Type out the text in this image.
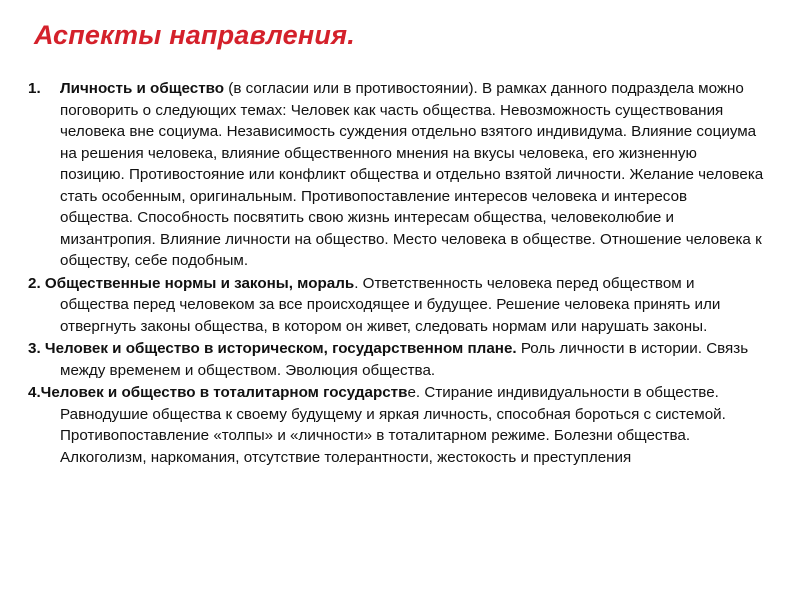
Аспекты направления.
1. Личность и общество (в согласии или в противостоянии). В рамках данного подраздела можно поговорить о следующих темах: Человек как часть общества. Невозможность существования человека вне социума. Независимость суждения отдельно взятого индивидума. Влияние социума на решения человека, влияние общественного мнения на вкусы человека, его жизненную позицию. Противостояние или конфликт общества и отдельно взятой личности. Желание человека стать особенным, оригинальным. Противопоставление интересов человека и интересов общества. Способность посвятить свою жизнь интересам общества, человеколюбие и мизантропия. Влияние личности на общество. Место человека в обществе. Отношение человека к обществу, себе подобным.
2. Общественные нормы и законы, мораль. Ответственность человека перед обществом и общества перед человеком за все происходящее и будущее. Решение человека принять или отвергнуть законы общества, в котором он живет, следовать нормам или нарушать законы.
3. Человек и общество в историческом, государственном плане. Роль личности в истории. Связь между временем и обществом. Эволюция общества.
4.Человек и общество в тоталитарном государстве. Стирание индивидуальности в обществе. Равнодушие общества к своему будущему и яркая личность, способная бороться с системой. Противопоставление «толпы» и «личности» в тоталитарном режиме. Болезни общества. Алкоголизм, наркомания, отсутствие толерантности, жестокость и преступления
